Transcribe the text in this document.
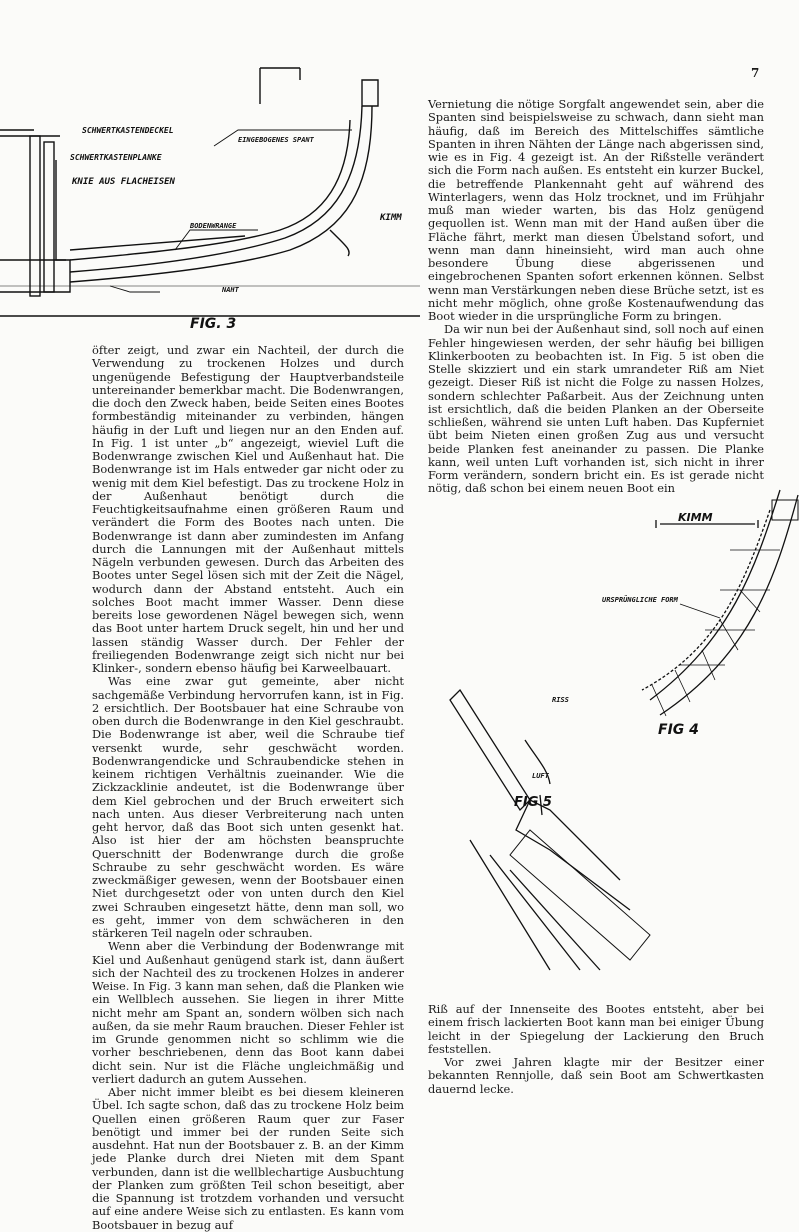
7
SCHWERTKASTENDECKEL
SCHWERTKASTENPLANKE
KNIE AUS FLACHEISEN
EINGEBOGENES SPANT
BODENWRANGE
NAHT
KIMM
FIG. 3

öfter zeigt, und zwar ein Nachteil, der durch die Verwendung zu trockenen Holzes und durch ungenügende Befestigung der Hauptverbandsteile untereinander bemerkbar macht. Die Bodenwrangen, die doch den Zweck haben, beide Seiten eines Bootes formbeständig miteinander zu verbinden, hängen häufig in der Luft und liegen nur an den Enden auf. In Fig. 1 ist unter „b“ angezeigt, wieviel Luft die Bodenwrange zwischen Kiel und Außenhaut hat. Die Bodenwrange ist im Hals entweder gar nicht oder zu wenig mit dem Kiel befestigt. Das zu trockene Holz in der Außenhaut benötigt durch die Feuchtigkeitsaufnahme einen größeren Raum und verändert die Form des Bootes nach unten. Die Bodenwrange ist dann aber zumindesten im Anfang durch die Lannungen mit der Außenhaut mittels Nägeln verbunden gewesen. Durch das Arbeiten des Bootes unter Segel lösen sich mit der Zeit die Nägel, wodurch dann der Abstand entsteht. Auch ein solches Boot macht immer Wasser. Denn diese bereits lose gewordenen Nägel bewegen sich, wenn das Boot unter hartem Druck segelt, hin und her und lassen ständig Wasser durch. Der Fehler der freiliegenden Bodenwrange zeigt sich nicht nur bei Klinker-, sondern ebenso häufig bei Karweelbauart.

Was eine zwar gut gemeinte, aber nicht sachgemäße Verbindung hervorrufen kann, ist in Fig. 2 ersichtlich. Der Bootsbauer hat eine Schraube von oben durch die Bodenwrange in den Kiel geschraubt. Die Bodenwrange ist aber, weil die Schraube tief versenkt wurde, sehr geschwächt worden. Bodenwrangendicke und Schraubendicke stehen in keinem richtigen Verhältnis zueinander. Wie die Zickzacklinie andeutet, ist die Bodenwrange über dem Kiel gebrochen und der Bruch erweitert sich nach unten. Aus dieser Verbreiterung nach unten geht hervor, daß das Boot sich unten gesenkt hat. Also ist hier der am höchsten beanspruchte Querschnitt der Bodenwrange durch die große Schraube zu sehr geschwächt worden. Es wäre zweckmäßiger gewesen, wenn der Bootsbauer einen Niet durchgesetzt oder von unten durch den Kiel zwei Schrauben eingesetzt hätte, denn man soll, wo es geht, immer von dem schwächeren in den stärkeren Teil nageln oder schrauben.

Wenn aber die Verbindung der Bodenwrange mit Kiel und Außenhaut genügend stark ist, dann äußert sich der Nachteil des zu trockenen Holzes in anderer Weise. In Fig. 3 kann man sehen, daß die Planken wie ein Wellblech aussehen. Sie liegen in ihrer Mitte nicht mehr am Spant an, sondern wölben sich nach außen, da sie mehr Raum brauchen. Dieser Fehler ist im Grunde genommen nicht so schlimm wie die vorher beschriebenen, denn das Boot kann dabei dicht sein. Nur ist die Fläche ungleichmäßig und verliert dadurch an gutem Aussehen.

Aber nicht immer bleibt es bei diesem kleineren Übel. Ich sagte schon, daß das zu trockene Holz beim Quellen einen größeren Raum quer zur Faser benötigt und immer bei der runden Seite sich ausdehnt. Hat nun der Bootsbauer z. B. an der Kimm jede Planke durch drei Nieten mit dem Spant verbunden, dann ist die wellblechartige Ausbuchtung der Planken zum größten Teil schon beseitigt, aber die Spannung ist trotzdem vorhanden und versucht auf eine andere Weise sich zu entlasten. Es kann vom Bootsbauer in bezug auf

Vernietung die nötige Sorgfalt angewendet sein, aber die Spanten sind beispielsweise zu schwach, dann sieht man häufig, daß im Bereich des Mittelschiffes sämtliche Spanten in ihren Nähten der Länge nach abgerissen sind, wie es in Fig. 4 gezeigt ist. An der Rißstelle verändert sich die Form nach außen. Es entsteht ein kurzer Buckel, die betreffende Plankennaht geht auf während des Winterlagers, wenn das Holz trocknet, und im Frühjahr muß man wieder warten, bis das Holz genügend gequollen ist. Wenn man mit der Hand außen über die Fläche fährt, merkt man diesen Übelstand sofort, und wenn man dann hineinsieht, wird man auch ohne besondere Übung diese abgerissenen und eingebrochenen Spanten sofort erkennen können. Selbst wenn man Verstärkungen neben diese Brüche setzt, ist es nicht mehr möglich, ohne große Kostenaufwendung das Boot wieder in die ursprüngliche Form zu bringen.

Da wir nun bei der Außenhaut sind, soll noch auf einen Fehler hingewiesen werden, der sehr häufig bei billigen Klinkerbooten zu beobachten ist. In Fig. 5 ist oben die Stelle skizziert und ein stark umrandeter Riß am Niet gezeigt. Dieser Riß ist nicht die Folge zu nassen Holzes, sondern schlechter Paßarbeit. Aus der Zeichnung unten ist ersichtlich, daß die beiden Planken an der Oberseite schließen, während sie unten Luft haben. Das Kupferniet übt beim Nieten einen großen Zug aus und versucht beide Planken fest aneinander zu passen. Die Planke kann, weil unten Luft vorhanden ist, sich nicht in ihrer Form verändern, sondern bricht ein. Es ist gerade nicht nötig, daß schon bei einem neuen Boot ein

KIMM
URSPRÜNGLICHE FORM
FIG 4
RISS
LUFT
FIG 5

Riß auf der Innenseite des Bootes entsteht, aber bei einem frisch lackierten Boot kann man bei einiger Übung leicht in der Spiegelung der Lackierung den Bruch feststellen.

Vor zwei Jahren klagte mir der Besitzer einer bekannten Rennjolle, daß sein Boot am Schwertkasten dauernd lecke.
